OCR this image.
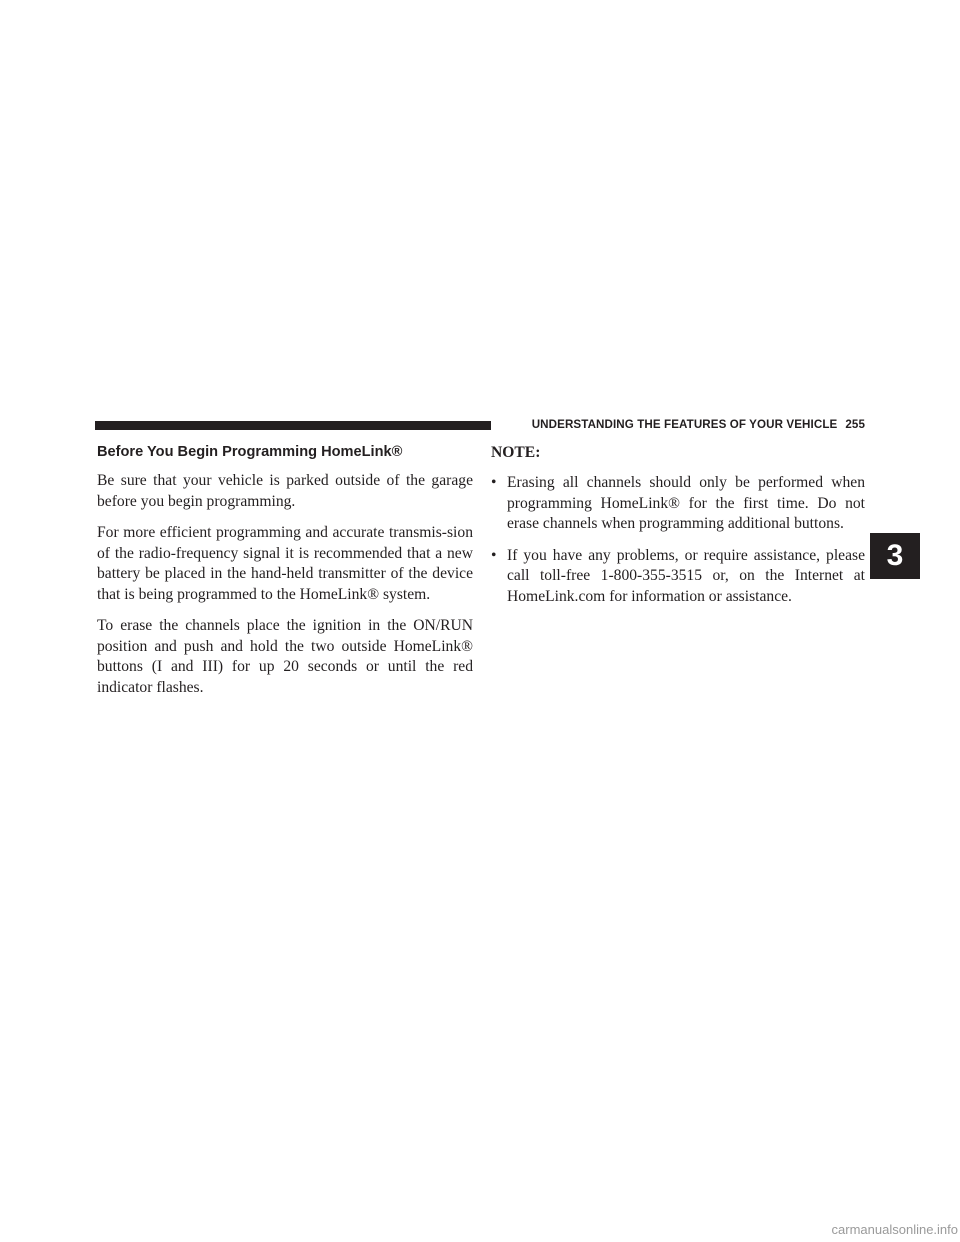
UNDERSTANDING THE FEATURES OF YOUR VEHICLE 255
Before You Begin Programming HomeLink®

Be sure that your vehicle is parked outside of the garage before you begin programming.

For more efficient programming and accurate transmis-sion of the radio-frequency signal it is recommended that a new battery be placed in the hand-held transmitter of the device that is being programmed to the HomeLink® system.

To erase the channels place the ignition in the ON/RUN position and push and hold the two outside HomeLink® buttons (I and III) for up 20 seconds or until the red indicator flashes.

NOTE:
• Erasing all channels should only be performed when programming HomeLink® for the first time. Do not erase channels when programming additional buttons.
• If you have any problems, or require assistance, please call toll-free 1-800-355-3515 or, on the Internet at HomeLink.com for information or assistance.
3
carmanualsonline.info
